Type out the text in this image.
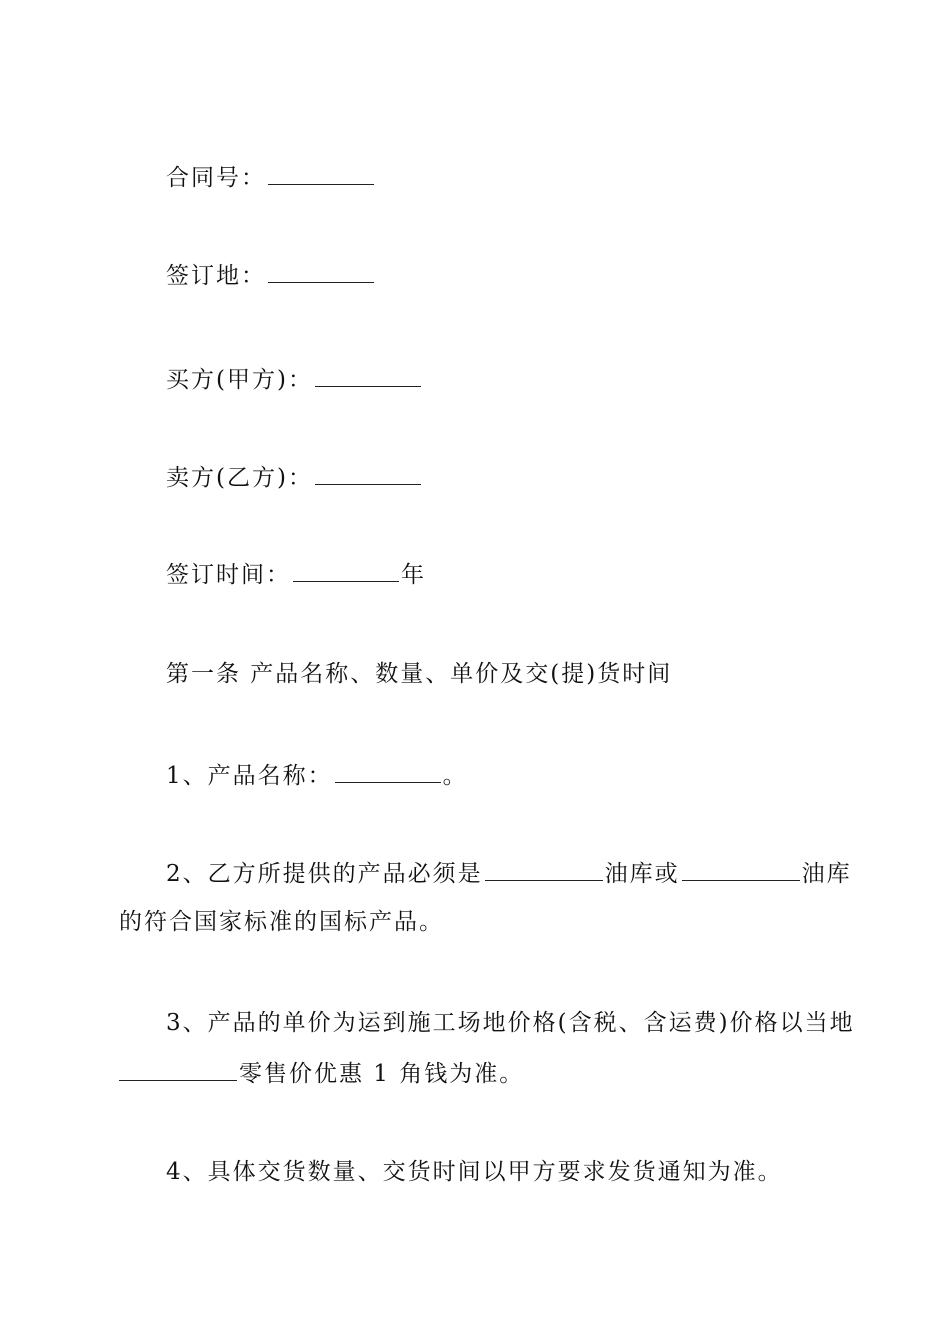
合同号：
签订地：
买方(甲方)：
卖方(乙方)：
签订时间：	年
第一条 产品名称、数量、单价及交(提)货时间
1、产品名称：	。
2、乙方所提供的产品必须是	油库或	油库
的符合国家标准的国标产品。
3、产品的单价为运到施工场地价格(含税、含运费)价格以当地
零售价优惠 1 角钱为准。
4、具体交货数量、交货时间以甲方要求发货通知为准。
